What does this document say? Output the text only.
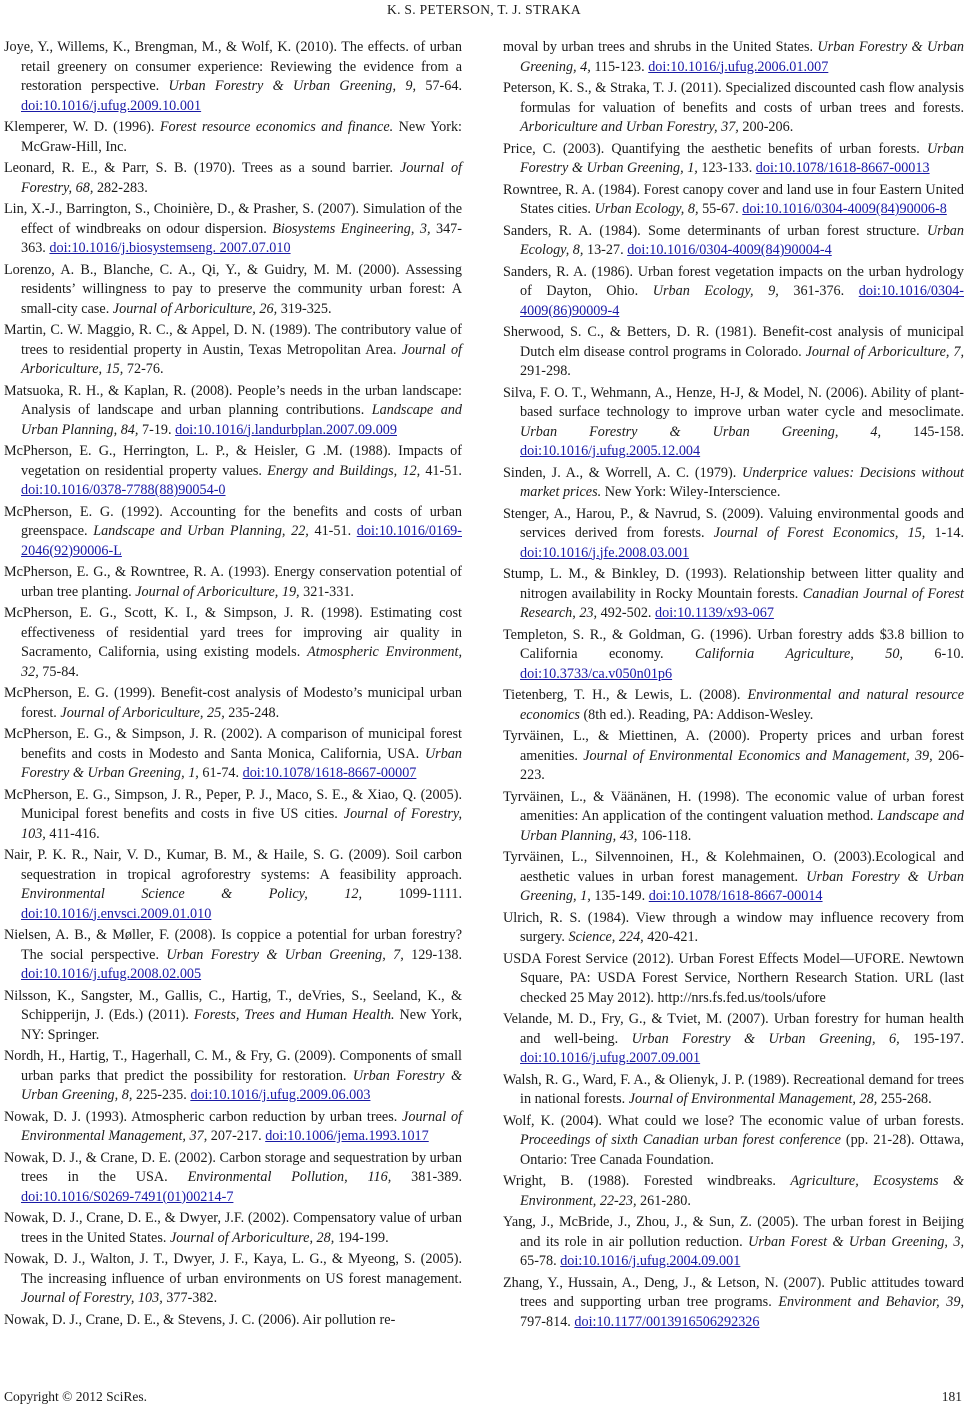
K. S. PETERSON, T. J. STRAKA

Joye, Y., Willems, K., Brengman, M., & Wolf, K. (2010). The effects. of urban retail greenery on consumer experience: Reviewing the evidence from a restoration perspective. Urban Forestry & Urban Greening, 9, 57-64. doi:10.1016/j.ufug.2009.10.001

Klemperer, W. D. (1996). Forest resource economics and finance. New York: McGraw-Hill, Inc.

Leonard, R. E., & Parr, S. B. (1970). Trees as a sound barrier. Journal of Forestry, 68, 282-283.

Lin, X.-J., Barrington, S., Choinière, D., & Prasher, S. (2007). Simulation of the effect of windbreaks on odour dispersion. Biosystems Engineering, 3, 347-363. doi:10.1016/j.biosystemseng. 2007.07.010

Lorenzo, A. B., Blanche, C. A., Qi, Y., & Guidry, M. M. (2000). Assessing residents’ willingness to pay to preserve the community urban forest: A small-city case. Journal of Arboriculture, 26, 319-325.

Martin, C. W. Maggio, R. C., & Appel, D. N. (1989). The contributory value of trees to residential property in Austin, Texas Metropolitan Area. Journal of Arboriculture, 15, 72-76.

Matsuoka, R. H., & Kaplan, R. (2008). People’s needs in the urban landscape: Analysis of landscape and urban planning contributions. Landscape and Urban Planning, 84, 7-19. doi:10.1016/j.landurbplan.2007.09.009

McPherson, E. G., Herrington, L. P., & Heisler, G .M. (1988). Impacts of vegetation on residential property values. Energy and Buildings, 12, 41-51. doi:10.1016/0378-7788(88)90054-0

McPherson, E. G. (1992). Accounting for the benefits and costs of urban greenspace. Landscape and Urban Planning, 22, 41-51. doi:10.1016/0169-2046(92)90006-L

McPherson, E. G., & Rowntree, R. A. (1993). Energy conservation potential of urban tree planting. Journal of Arboriculture, 19, 321-331.

McPherson, E. G., Scott, K. I., & Simpson, J. R. (1998). Estimating cost effectiveness of residential yard trees for improving air quality in Sacramento, California, using existing models. Atmospheric Environment, 32, 75-84.

McPherson, E. G. (1999). Benefit-cost analysis of Modesto’s municipal urban forest. Journal of Arboriculture, 25, 235-248.

McPherson, E. G., & Simpson, J. R. (2002). A comparison of municipal forest benefits and costs in Modesto and Santa Monica, California, USA. Urban Forestry & Urban Greening, 1, 61-74. doi:10.1078/1618-8667-00007

McPherson, E. G., Simpson, J. R., Peper, P. J., Maco, S. E., & Xiao, Q. (2005). Municipal forest benefits and costs in five US cities. Journal of Forestry, 103, 411-416.

Nair, P. K. R., Nair, V. D., Kumar, B. M., & Haile, S. G. (2009). Soil carbon sequestration in tropical agroforestry systems: A feasibility approach. Environmental Science & Policy, 12, 1099-1111. doi:10.1016/j.envsci.2009.01.010

Nielsen, A. B., & Møller, F. (2008). Is coppice a potential for urban forestry? The social perspective. Urban Forestry & Urban Greening, 7, 129-138. doi:10.1016/j.ufug.2008.02.005

Nilsson, K., Sangster, M., Gallis, C., Hartig, T., deVries, S., Seeland, K., & Schipperijn, J. (Eds.) (2011). Forests, Trees and Human Health. New York, NY: Springer.

Nordh, H., Hartig, T., Hagerhall, C. M., & Fry, G. (2009). Components of small urban parks that predict the possibility for restoration. Urban Forestry & Urban Greening, 8, 225-235. doi:10.1016/j.ufug.2009.06.003

Nowak, D. J. (1993). Atmospheric carbon reduction by urban trees. Journal of Environmental Management, 37, 207-217. doi:10.1006/jema.1993.1017

Nowak, D. J., & Crane, D. E. (2002). Carbon storage and sequestration by urban trees in the USA. Environmental Pollution, 116, 381-389. doi:10.1016/S0269-7491(01)00214-7

Nowak, D. J., Crane, D. E., & Dwyer, J.F. (2002). Compensatory value of urban trees in the United States. Journal of Arboriculture, 28, 194-199.

Nowak, D. J., Walton, J. T., Dwyer, J. F., Kaya, L. G., & Myeong, S. (2005). The increasing influence of urban environments on US forest management. Journal of Forestry, 103, 377-382.

Nowak, D. J., Crane, D. E., & Stevens, J. C. (2006). Air pollution re-

moval by urban trees and shrubs in the United States. Urban Forestry & Urban Greening, 4, 115-123. doi:10.1016/j.ufug.2006.01.007

Peterson, K. S., & Straka, T. J. (2011). Specialized discounted cash flow analysis formulas for valuation of benefits and costs of urban trees and forests. Arboriculture and Urban Forestry, 37, 200-206.

Price, C. (2003). Quantifying the aesthetic benefits of urban forests. Urban Forestry & Urban Greening, 1, 123-133. doi:10.1078/1618-8667-00013

Rowntree, R. A. (1984). Forest canopy cover and land use in four Eastern United States cities. Urban Ecology, 8, 55-67. doi:10.1016/0304-4009(84)90006-8

Sanders, R. A. (1984). Some determinants of urban forest structure. Urban Ecology, 8, 13-27. doi:10.1016/0304-4009(84)90004-4

Sanders, R. A. (1986). Urban forest vegetation impacts on the urban hydrology of Dayton, Ohio. Urban Ecology, 9, 361-376. doi:10.1016/0304-4009(86)90009-4

Sherwood, S. C., & Betters, D. R. (1981). Benefit-cost analysis of municipal Dutch elm disease control programs in Colorado. Journal of Arboriculture, 7, 291-298.

Silva, F. O. T., Wehmann, A., Henze, H-J, & Model, N. (2006). Ability of plant-based surface technology to improve urban water cycle and mesoclimate. Urban Forestry & Urban Greening, 4, 145-158. doi:10.1016/j.ufug.2005.12.004

Sinden, J. A., & Worrell, A. C. (1979). Underprice values: Decisions without market prices. New York: Wiley-Interscience.

Stenger, A., Harou, P., & Navrud, S. (2009). Valuing environmental goods and services derived from forests. Journal of Forest Economics, 15, 1-14. doi:10.1016/j.jfe.2008.03.001

Stump, L. M., & Binkley, D. (1993). Relationship between litter quality and nitrogen availability in Rocky Mountain forests. Canadian Journal of Forest Research, 23, 492-502. doi:10.1139/x93-067

Templeton, S. R., & Goldman, G. (1996). Urban forestry adds $3.8 billion to California economy. California Agriculture, 50, 6-10. doi:10.3733/ca.v050n01p6

Tietenberg, T. H., & Lewis, L. (2008). Environmental and natural resource economics (8th ed.). Reading, PA: Addison-Wesley.

Tyrväinen, L., & Miettinen, A. (2000). Property prices and urban forest amenities. Journal of Environmental Economics and Management, 39, 206-223.

Tyrväinen, L., & Väänänen, H. (1998). The economic value of urban forest amenities: An application of the contingent valuation method. Landscape and Urban Planning, 43, 106-118.

Tyrväinen, L., Silvennoinen, H., & Kolehmainen, O. (2003).Ecological and aesthetic values in urban forest management. Urban Forestry & Urban Greening, 1, 135-149. doi:10.1078/1618-8667-00014

Ulrich, R. S. (1984). View through a window may influence recovery from surgery. Science, 224, 420-421.

USDA Forest Service (2012). Urban Forest Effects Model—UFORE. Newtown Square, PA: USDA Forest Service, Northern Research Station. URL (last checked 25 May 2012). http://nrs.fs.fed.us/tools/ufore

Velande, M. D., Fry, G., & Tviet, M. (2007). Urban forestry for human health and well-being. Urban Forestry & Urban Greening, 6, 195-197. doi:10.1016/j.ufug.2007.09.001

Walsh, R. G., Ward, F. A., & Olienyk, J. P. (1989). Recreational demand for trees in national forests. Journal of Environmental Management, 28, 255-268.

Wolf, K. (2004). What could we lose? The economic value of urban forests. Proceedings of sixth Canadian urban forest conference (pp. 21-28). Ottawa, Ontario: Tree Canada Foundation.

Wright, B. (1988). Forested windbreaks. Agriculture, Ecosystems & Environment, 22-23, 261-280.

Yang, J., McBride, J., Zhou, J., & Sun, Z. (2005). The urban forest in Beijing and its role in air pollution reduction. Urban Forest & Urban Greening, 3, 65-78. doi:10.1016/j.ufug.2004.09.001

Zhang, Y., Hussain, A., Deng, J., & Letson, N. (2007). Public attitudes toward trees and supporting urban tree programs. Environment and Behavior, 39, 797-814. doi:10.1177/0013916506292326

Copyright © 2012 SciRes.	181
